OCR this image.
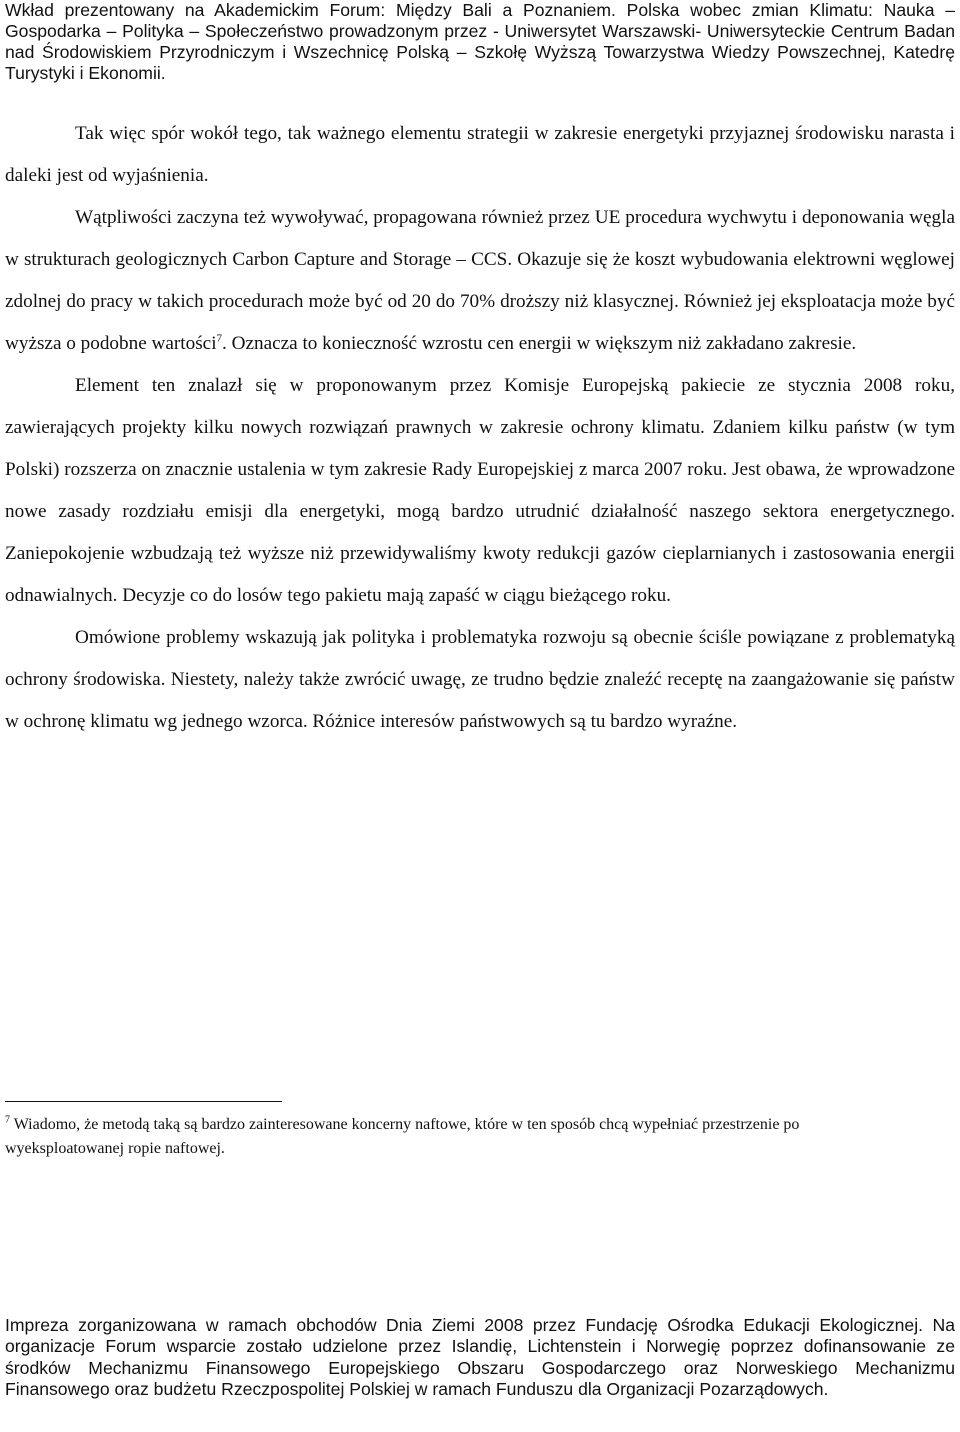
Wkład prezentowany na Akademickim Forum: Między Bali a Poznaniem. Polska wobec zmian Klimatu: Nauka – Gospodarka – Polityka – Społeczeństwo prowadzonym przez - Uniwersytet Warszawski- Uniwersyteckie Centrum Badan nad Środowiskiem Przyrodniczym i Wszechnicę Polską – Szkołę Wyższą Towarzystwa Wiedzy Powszechnej, Katedrę Turystyki i Ekonomii.

Tak więc spór wokół tego, tak ważnego elementu strategii w zakresie energetyki przyjaznej środowisku narasta i daleki jest od wyjaśnienia.

Wątpliwości zaczyna też wywoływać, propagowana również przez UE procedura wychwytu i deponowania węgla w strukturach geologicznych Carbon Capture and Storage – CCS. Okazuje się że koszt wybudowania elektrowni węglowej zdolnej do pracy w takich procedurach może być od 20 do 70% droższy niż klasycznej. Również jej eksploatacja może być wyższa o podobne wartości$^7$. Oznacza to konieczność wzrostu cen energii w większym niż zakładano zakresie.

Element ten znalazł się w proponowanym przez Komisje Europejską pakiecie ze stycznia 2008 roku, zawierających projekty kilku nowych rozwiązań prawnych w zakresie ochrony klimatu. Zdaniem kilku państw (w tym Polski) rozszerza on znacznie ustalenia w tym zakresie Rady Europejskiej z marca 2007 roku. Jest obawa, że wprowadzone nowe zasady rozdziału emisji dla energetyki, mogą bardzo utrudnić działalność naszego sektora energetycznego. Zaniepokojenie wzbudzają też wyższe niż przewidywaliśmy kwoty redukcji gazów cieplarnianych i zastosowania energii odnawialnych. Decyzje co do losów tego pakietu mają zapaść w ciągu bieżącego roku.

Omówione problemy wskazują jak polityka i problematyka rozwoju są obecnie ściśle powiązane z problematyką ochrony środowiska. Niestety, należy także zwrócić uwagę, ze trudno będzie znaleźć receptę na zaangażowanie się państw w ochronę klimatu wg jednego wzorca. Różnice interesów państwowych są tu bardzo wyraźne.

$^7$ Wiadomo, że metodą taką są bardzo zainteresowane koncerny naftowe, które w ten sposób chcą wypełniać przestrzenie po wyeksploatowanej ropie naftowej.

Impreza zorganizowana w ramach obchodów Dnia Ziemi 2008 przez Fundację Ośrodka Edukacji Ekologicznej. Na organizacje Forum wsparcie zostało udzielone przez Islandię, Lichtenstein i Norwegię poprzez dofinansowanie ze środków Mechanizmu Finansowego Europejskiego Obszaru Gospodarczego oraz Norweskiego Mechanizmu Finansowego oraz budżetu Rzeczpospolitej Polskiej w ramach Funduszu dla Organizacji Pozarządowych.
